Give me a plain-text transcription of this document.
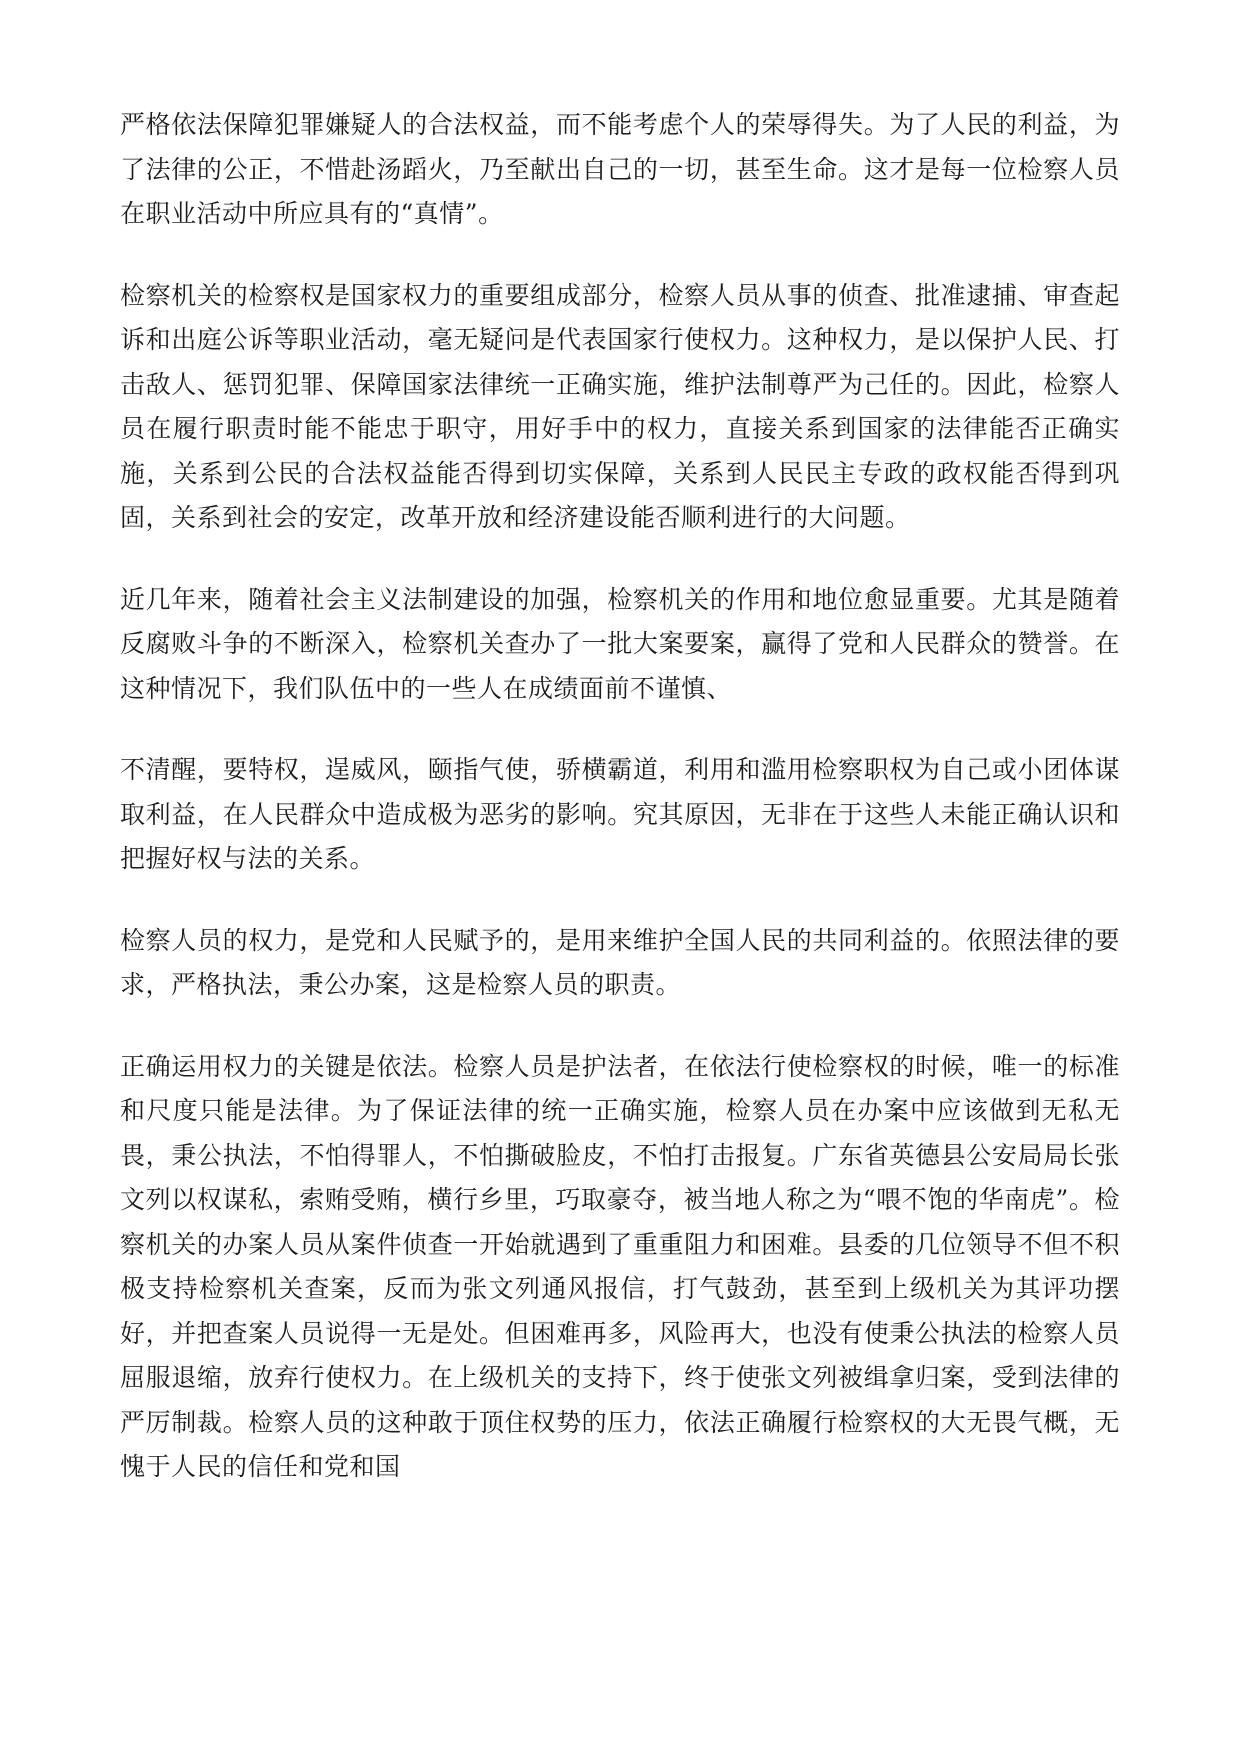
严格依法保障犯罪嫌疑人的合法权益，而不能考虑个人的荣辱得失。为了人民的利益，为了法律的公正，不惜赴汤蹈火，乃至献出自己的一切，甚至生命。这才是每一位检察人员在职业活动中所应具有的“真情”。

检察机关的检察权是国家权力的重要组成部分，检察人员从事的侦查、批准逮捕、审查起诉和出庭公诉等职业活动，毫无疑问是代表国家行使权力。这种权力，是以保护人民、打击敌人、惩罚犯罪、保障国家法律统一正确实施，维护法制尊严为己任的。因此，检察人员在履行职责时能不能忠于职守，用好手中的权力，直接关系到国家的法律能否正确实施，关系到公民的合法权益能否得到切实保障，关系到人民民主专政的政权能否得到巩固，关系到社会的安定，改革开放和经济建设能否顺利进行的大问题。

近几年来，随着社会主义法制建设的加强，检察机关的作用和地位愈显重要。尤其是随着反腐败斗争的不断深入，检察机关查办了一批大案要案，赢得了党和人民群众的赞誉。在这种情况下，我们队伍中的一些人在成绩面前不谨慎、

不清醒，要特权，逞威风，颐指气使，骄横霸道，利用和滥用检察职权为自己或小团体谋取利益，在人民群众中造成极为恶劣的影响。究其原因，无非在于这些人未能正确认识和把握好权与法的关系。

检察人员的权力，是党和人民赋予的，是用来维护全国人民的共同利益的。依照法律的要求，严格执法，秉公办案，这是检察人员的职责。

正确运用权力的关键是依法。检察人员是护法者，在依法行使检察权的时候，唯一的标准和尺度只能是法律。为了保证法律的统一正确实施，检察人员在办案中应该做到无私无畏，秉公执法，不怕得罪人，不怕撕破脸皮，不怕打击报复。广东省英德县公安局局长张文列以权谋私，索贿受贿，横行乡里，巧取豪夺，被当地人称之为“喂不饱的华南虎”。检察机关的办案人员从案件侦查一开始就遇到了重重阻力和困难。县委的几位领导不但不积极支持检察机关查案，反而为张文列通风报信，打气鼓劲，甚至到上级机关为其评功摆好，并把查案人员说得一无是处。但困难再多，风险再大，也没有使秉公执法的检察人员屈服退缩，放弃行使权力。在上级机关的支持下，终于使张文列被缉拿归案，受到法律的严厉制裁。检察人员的这种敢于顶住权势的压力，依法正确履行检察权的大无畏气概，无愧于人民的信任和党和国
